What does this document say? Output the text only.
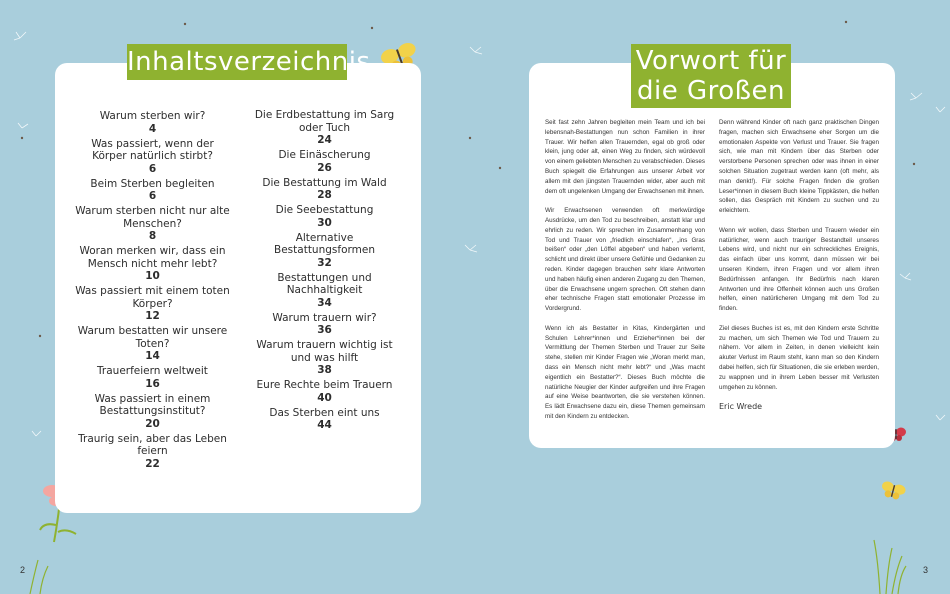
Inhaltsverzeichnis
Warum sterben wir?
4
Was passiert, wenn der Körper natürlich stirbt?
6
Beim Sterben begleiten
6
Warum sterben nicht nur alte Menschen?
8
Woran merken wir, dass ein Mensch nicht mehr lebt?
10
Was passiert mit einem toten Körper?
12
Warum bestatten wir unsere Toten?
14
Trauerfeiern weltweit
16
Was passiert in einem Bestattungsinstitut?
20
Traurig sein, aber das Leben feiern
22
Die Erdbestattung im Sarg oder Tuch
24
Die Einäscherung
26
Die Bestattung im Wald
28
Die Seebestattung
30
Alternative Bestattungsformen
32
Bestattungen und Nachhaltigkeit
34
Warum trauern wir?
36
Warum trauern wichtig ist und was hilft
38
Eure Rechte beim Trauern
40
Das Sterben eint uns
44
2
Vorwort für
die Großen

Seit fast zehn Jahren begleiten mein Team und ich bei lebensnah-Bestattungen nun schon Familien in ihrer Trauer. Wir helfen allen Trauernden, egal ob groß oder klein, jung oder alt, einen Weg zu finden, sich würdevoll von einem geliebten Menschen zu verabschieden. Dieses Buch spiegelt die Erfahrungen aus unserer Arbeit vor allem mit den jüngsten Trauernden wider, aber auch mit dem oft ungelenken Umgang der Erwachsenen mit ihnen.

Wir Erwachsenen verwenden oft merkwürdige Ausdrücke, um den Tod zu beschreiben, anstatt klar und ehrlich zu reden. Wir sprechen im Zusammenhang von Tod und Trauer von „friedlich einschlafen“, „ins Gras beißen“ oder „den Löffel abgeben“ und haben verlernt, schlicht und direkt über unsere Gefühle und Gedanken zu reden. Kinder dagegen brauchen sehr klare Antworten und haben häufig einen anderen Zugang zu den Themen, über die Erwachsene ungern sprechen. Oft stehen dann eher technische Fragen statt emotionaler Prozesse im Vordergrund.

Wenn ich als Bestatter in Kitas, Kindergärten und Schulen Lehrer*innen und Erzieher*innen bei der Vermittlung der Themen Sterben und Trauer zur Seite stehe, stellen mir Kinder Fragen wie „Woran merkt man, dass ein Mensch nicht mehr lebt?“ und „Was macht eigentlich ein Bestatter?“. Dieses Buch möchte die natürliche Neugier der Kinder aufgreifen und ihre Fragen auf eine Weise beantworten, die sie verstehen können. Es lädt Erwachsene dazu ein, diese Themen gemeinsam mit den Kindern zu entdecken.

Denn während Kinder oft nach ganz praktischen Dingen fragen, machen sich Erwachsene eher Sorgen um die emotionalen Aspekte von Verlust und Trauer. Sie fragen sich, wie man mit Kindern über das Sterben oder verstorbene Personen sprechen oder was ihnen in einer solchen Situation zugetraut werden kann (oft mehr, als man denkt!). Für solche Fragen finden die großen Leser*innen in diesem Buch kleine Tippkästen, die helfen sollen, das Gespräch mit Kindern zu suchen und zu erleichtern.

Wenn wir wollen, dass Sterben und Trauern wieder ein natürlicher, wenn auch trauriger Bestandteil unseres Lebens wird, und nicht nur ein schreckliches Ereignis, das einfach über uns kommt, dann müssen wir bei unseren Kindern, ihren Fragen und vor allem ihren Bedürfnissen anfangen. Ihr Bedürfnis nach klaren Antworten und ihre Offenheit können auch uns Großen helfen, einen natürlicheren Umgang mit dem Tod zu finden.

Ziel dieses Buches ist es, mit den Kindern erste Schritte zu machen, um sich Themen wie Tod und Trauern zu nähern. Vor allem in Zeiten, in denen vielleicht kein akuter Verlust im Raum steht, kann man so den Kindern dabei helfen, sich für Situationen, die sie erleben werden, zu wappnen und in ihrem Leben besser mit Verlusten umgehen zu können.

Eric Wrede
3
